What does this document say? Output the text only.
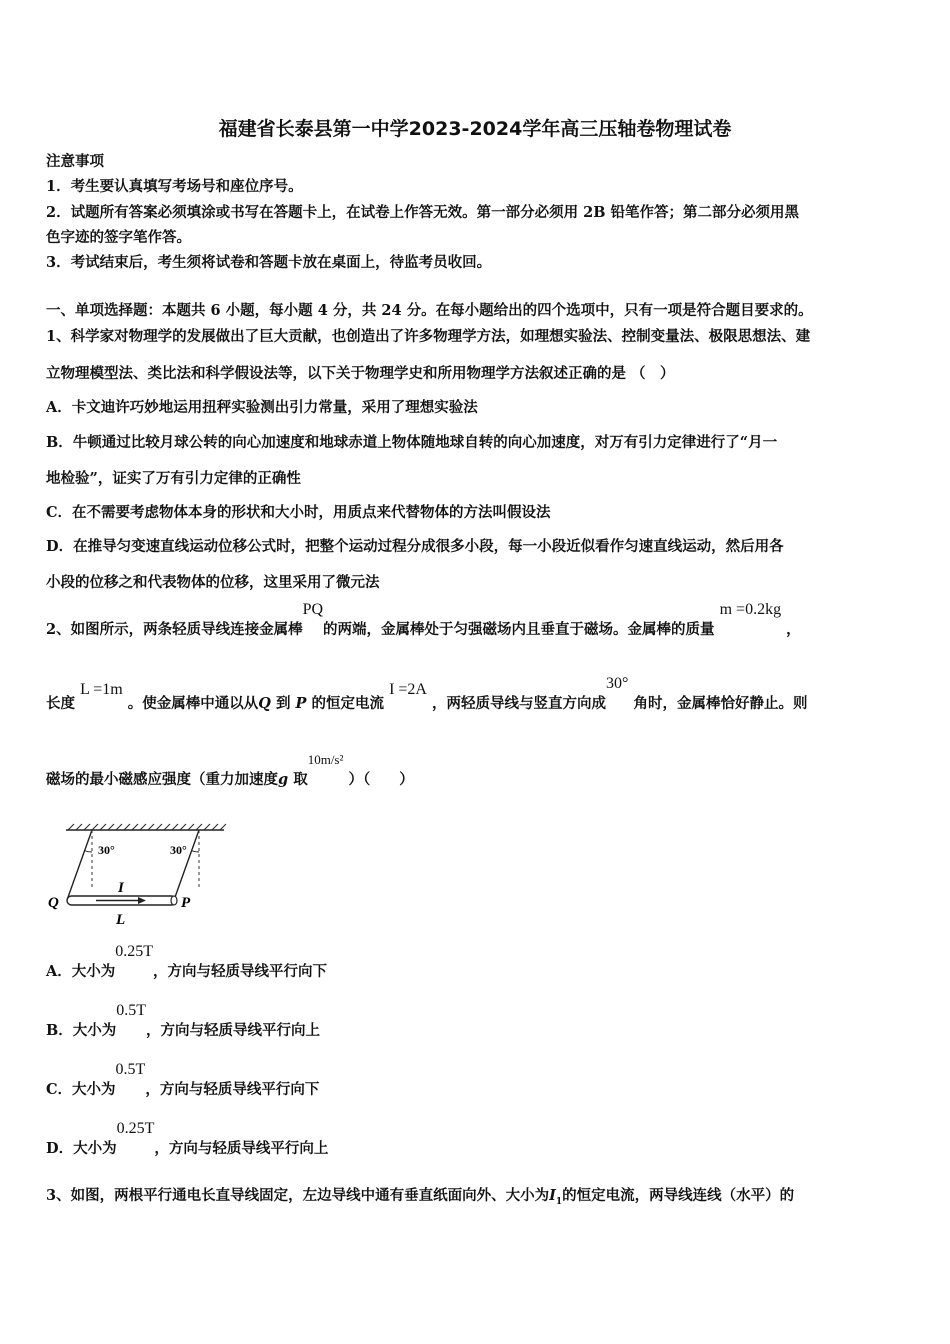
福建省长泰县第一中学2023-2024学年高三压轴卷物理试卷
注意事项
1．考生要认真填写考场号和座位序号。
2．试题所有答案必须填涂或书写在答题卡上，在试卷上作答无效。第一部分必须用 2B 铅笔作答；第二部分必须用黑
色字迹的签字笔作答。
3．考试结束后，考生须将试卷和答题卡放在桌面上，待监考员收回。
一、单项选择题：本题共 6 小题，每小题 4 分，共 24 分。在每小题给出的四个选项中，只有一项是符合题目要求的。
1、科学家对物理学的发展做出了巨大贡献，也创造出了许多物理学方法，如理想实验法、控制变量法、极限思想法、建
立物理模型法、类比法和科学假设法等，以下关于物理学史和所用物理学方法叙述正确的是 （　）
A．卡文迪许巧妙地运用扭秤实验测出引力常量，采用了理想实验法
B．牛顿通过比较月球公转的向心加速度和地球赤道上物体随地球自转的向心加速度，对万有引力定律进行了“月一
地检验”，证实了万有引力定律的正确性
C．在不需要考虑物体本身的形状和大小时，用质点来代替物体的方法叫假设法
D．在推导匀变速直线运动位移公式时，把整个运动过程分成很多小段，每一小段近似看作匀速直线运动，然后用各
小段的位移之和代表物体的位移，这里采用了微元法
2、如图所示，两条轻质导线连接金属棒PQ的两端，金属棒处于匀强磁场内且垂直于磁场。金属棒的质量 m =0.2kg ，
长度 L =1m 。使金属棒中通以从Q 到 P 的恒定电流 I =2A ，两轻质导线与竖直方向成30° 角时，金属棒恰好静止。则
磁场的最小磁感应强度（重力加速度g 取10m/s² ）（　　）
30°	30°
I
L
Q	P
A．大小为0.25T，方向与轻质导线平行向下
B．大小为0.5T，方向与轻质导线平行向上
C．大小为0.5T，方向与轻质导线平行向下
D．大小为0.25T，方向与轻质导线平行向上
3、如图，两根平行通电长直导线固定，左边导线中通有垂直纸面向外、大小为$I_1$的恒定电流，两导线连线（水平）的
